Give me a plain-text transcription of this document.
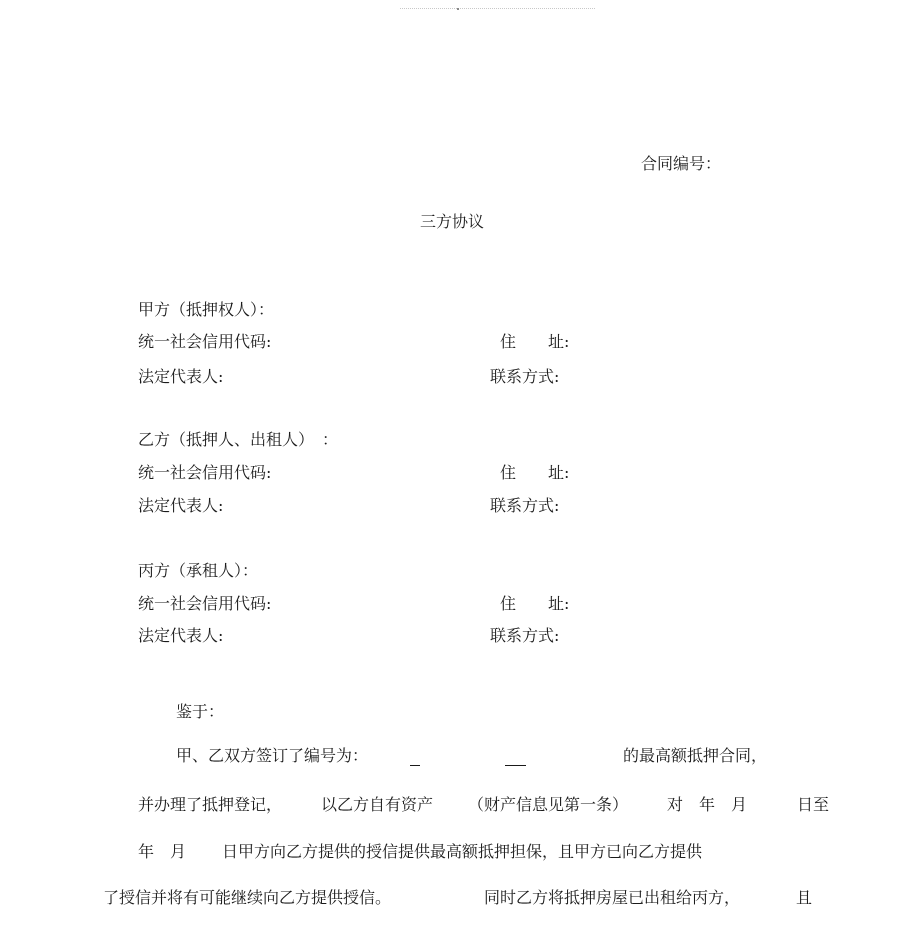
合同编号：
三方协议
甲方（抵押权人）：
统一社会信用代码:	住　　址:
法定代表人:	联系方式:
乙方（抵押人、出租人）　：
统一社会信用代码:	住　　址:
法定代表人:	联系方式:
丙方（承租人）：
统一社会信用代码:	住　　址:
法定代表人:	联系方式:
鉴于：
甲、乙双方签订了编号为：	的最高额抵押合同，
并办理了抵押登记， 以乙方自有资产 （财产信息见第一条） 对　年　月	日至
年　月 日甲方向乙方提供的授信提供最高额抵押担保，且甲方已向乙方提供
了授信并将有可能继续向乙方提供授信。	同时乙方将抵押房屋已出租给丙方，	且
